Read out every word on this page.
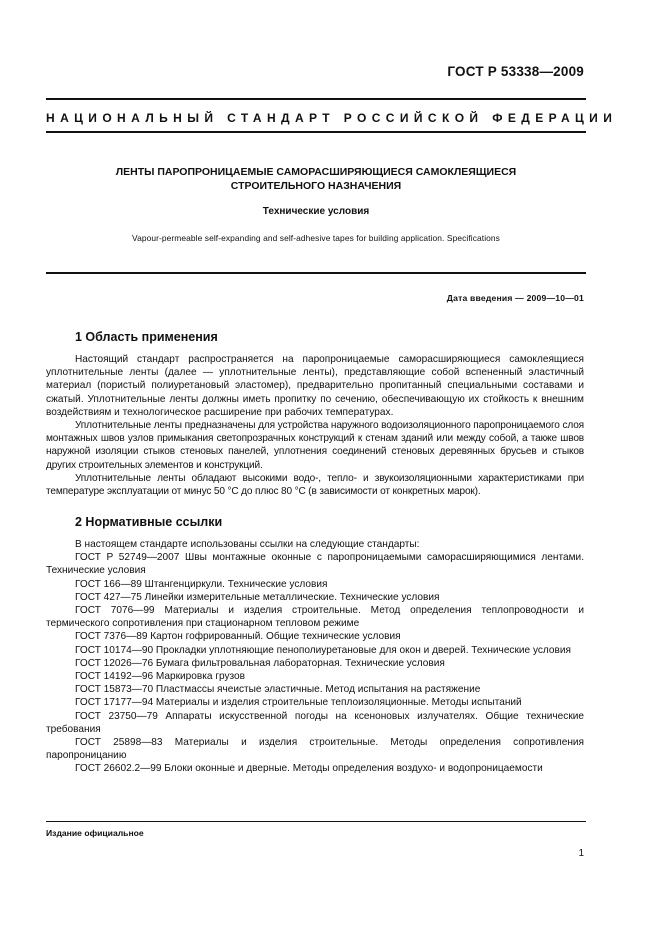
ГОСТ Р 53338—2009
НАЦИОНАЛЬНЫЙ СТАНДАРТ РОССИЙСКОЙ ФЕДЕРАЦИИ
ЛЕНТЫ ПАРОПРОНИЦАЕМЫЕ САМОРАСШИРЯЮЩИЕСЯ САМОКЛЕЯЩИЕСЯ
СТРОИТЕЛЬНОГО НАЗНАЧЕНИЯ
Технические условия
Vapour-permeable self-expanding and self-adhesive tapes for building application. Specifications
Дата введения — 2009—10—01
1 Область применения

Настоящий стандарт распространяется на паропроницаемые саморасширяющиеся самоклеящиеся уплотнительные ленты (далее — уплотнительные ленты), представляющие собой вспененный эластичный материал (пористый полиуретановый эластомер), предварительно пропитанный специальными составами и сжатый. Уплотнительные ленты должны иметь пропитку по сечению, обеспечивающую их стойкость к внешним воздействиям и технологическое расширение при рабочих температурах.

Уплотнительные ленты предназначены для устройства наружного водоизоляционного паропроницаемого слоя монтажных швов узлов примыкания светопрозрачных конструкций к стенам зданий или между собой, а также швов наружной изоляции стыков стеновых панелей, уплотнения соединений стеновых деревянных брусьев и стыков других строительных элементов и конструкций.

Уплотнительные ленты обладают высокими водо-, тепло- и звукоизоляционными характеристиками при температуре эксплуатации от минус 50 °С до плюс 80 °С (в зависимости от конкретных марок).

2 Нормативные ссылки

В настоящем стандарте использованы ссылки на следующие стандарты:

ГОСТ Р 52749—2007 Швы монтажные оконные с паропроницаемыми саморасширяющимися лентами. Технические условия

ГОСТ 166—89 Штангенциркули. Технические условия

ГОСТ 427—75 Линейки измерительные металлические. Технические условия

ГОСТ 7076—99 Материалы и изделия строительные. Метод определения теплопроводности и термического сопротивления при стационарном тепловом режиме

ГОСТ 7376—89 Картон гофрированный. Общие технические условия

ГОСТ 10174—90 Прокладки уплотняющие пенополиуретановые для окон и дверей. Технические условия

ГОСТ 12026—76 Бумага фильтровальная лабораторная. Технические условия

ГОСТ 14192—96 Маркировка грузов

ГОСТ 15873—70 Пластмассы ячеистые эластичные. Метод испытания на растяжение

ГОСТ 17177—94 Материалы и изделия строительные теплоизоляционные. Методы испытаний

ГОСТ 23750—79 Аппараты искусственной погоды на ксеноновых излучателях. Общие технические требования

ГОСТ 25898—83 Материалы и изделия строительные. Методы определения сопротивления паропроницанию

ГОСТ 26602.2—99 Блоки оконные и дверные. Методы определения воздухо- и водопроницаемости

Издание официальное
1
